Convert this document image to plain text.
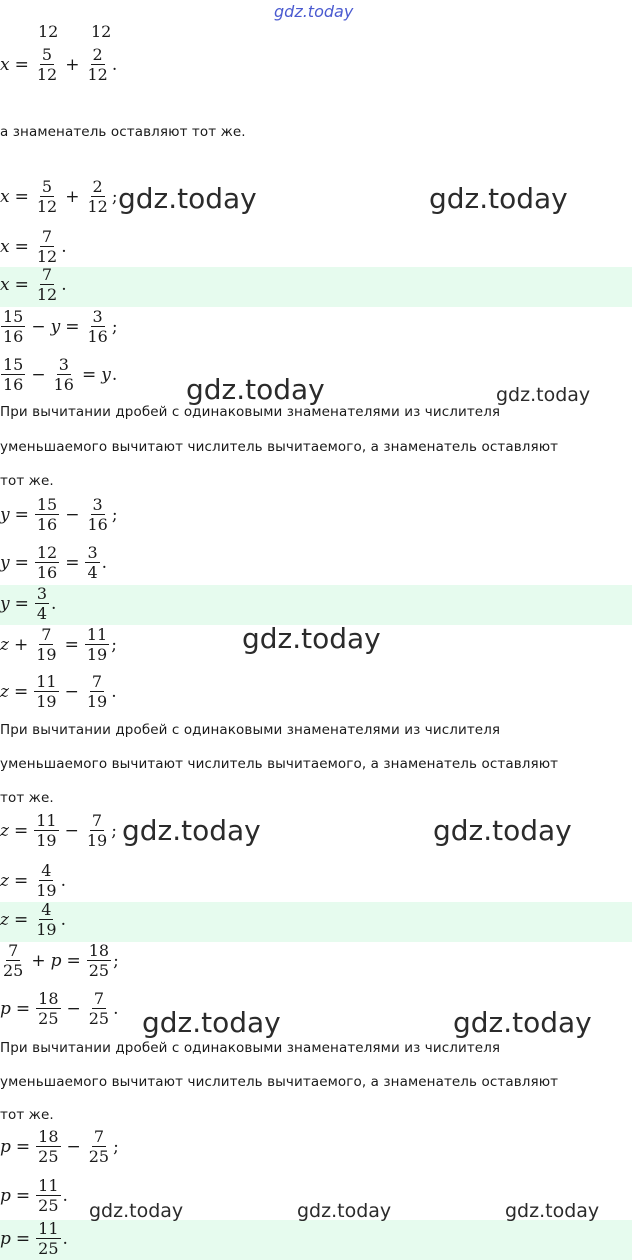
gdz.today
12 12
$x = \frac{5}{12} + \frac{2}{12}$ .
а знаменатель оставляют тот же.
$x = \frac{5}{12} + \frac{2}{12}$ ; gdz.today	gdz.today
$x = \frac{7}{12}$ .
$x = \frac{7}{12}$ .
$\frac{15}{16} - y = \frac{3}{16}$ ;
$\frac{15}{16} - \frac{3}{16} = y$ . gdz.today	gdz.today
При вычитании дробей с одинаковыми знаменателями из числителя
уменьшаемого вычитают числитель вычитаемого, а знаменатель оставляют
тот же.
$y = \frac{15}{16} - \frac{3}{16}$ ;
$y = \frac{12}{16} = \frac{3}{4}$ .
$y = \frac{3}{4}$ .
$z + \frac{7}{19} = \frac{11}{19}$ ;	gdz.today
$z = \frac{11}{19} - \frac{7}{19}$ .
При вычитании дробей с одинаковыми знаменателями из числителя
уменьшаемого вычитают числитель вычитаемого, а знаменатель оставляют
тот же.
$z = \frac{11}{19} - \frac{7}{19}$ ; gdz.today	gdz.today
$z = \frac{4}{19}$ .
$z = \frac{4}{19}$ .
$\frac{7}{25} + p = \frac{18}{25}$ ;
$p = \frac{18}{25} - \frac{7}{25}$ . gdz.today	gdz.today
При вычитании дробей с одинаковыми знаменателями из числителя
уменьшаемого вычитают числитель вычитаемого, а знаменатель оставляют
тот же.
$p = \frac{18}{25} - \frac{7}{25}$ ;
$p = \frac{11}{25}$ .
gdz.today	gdz.today	gdz.today
$p = \frac{11}{25}$ .
